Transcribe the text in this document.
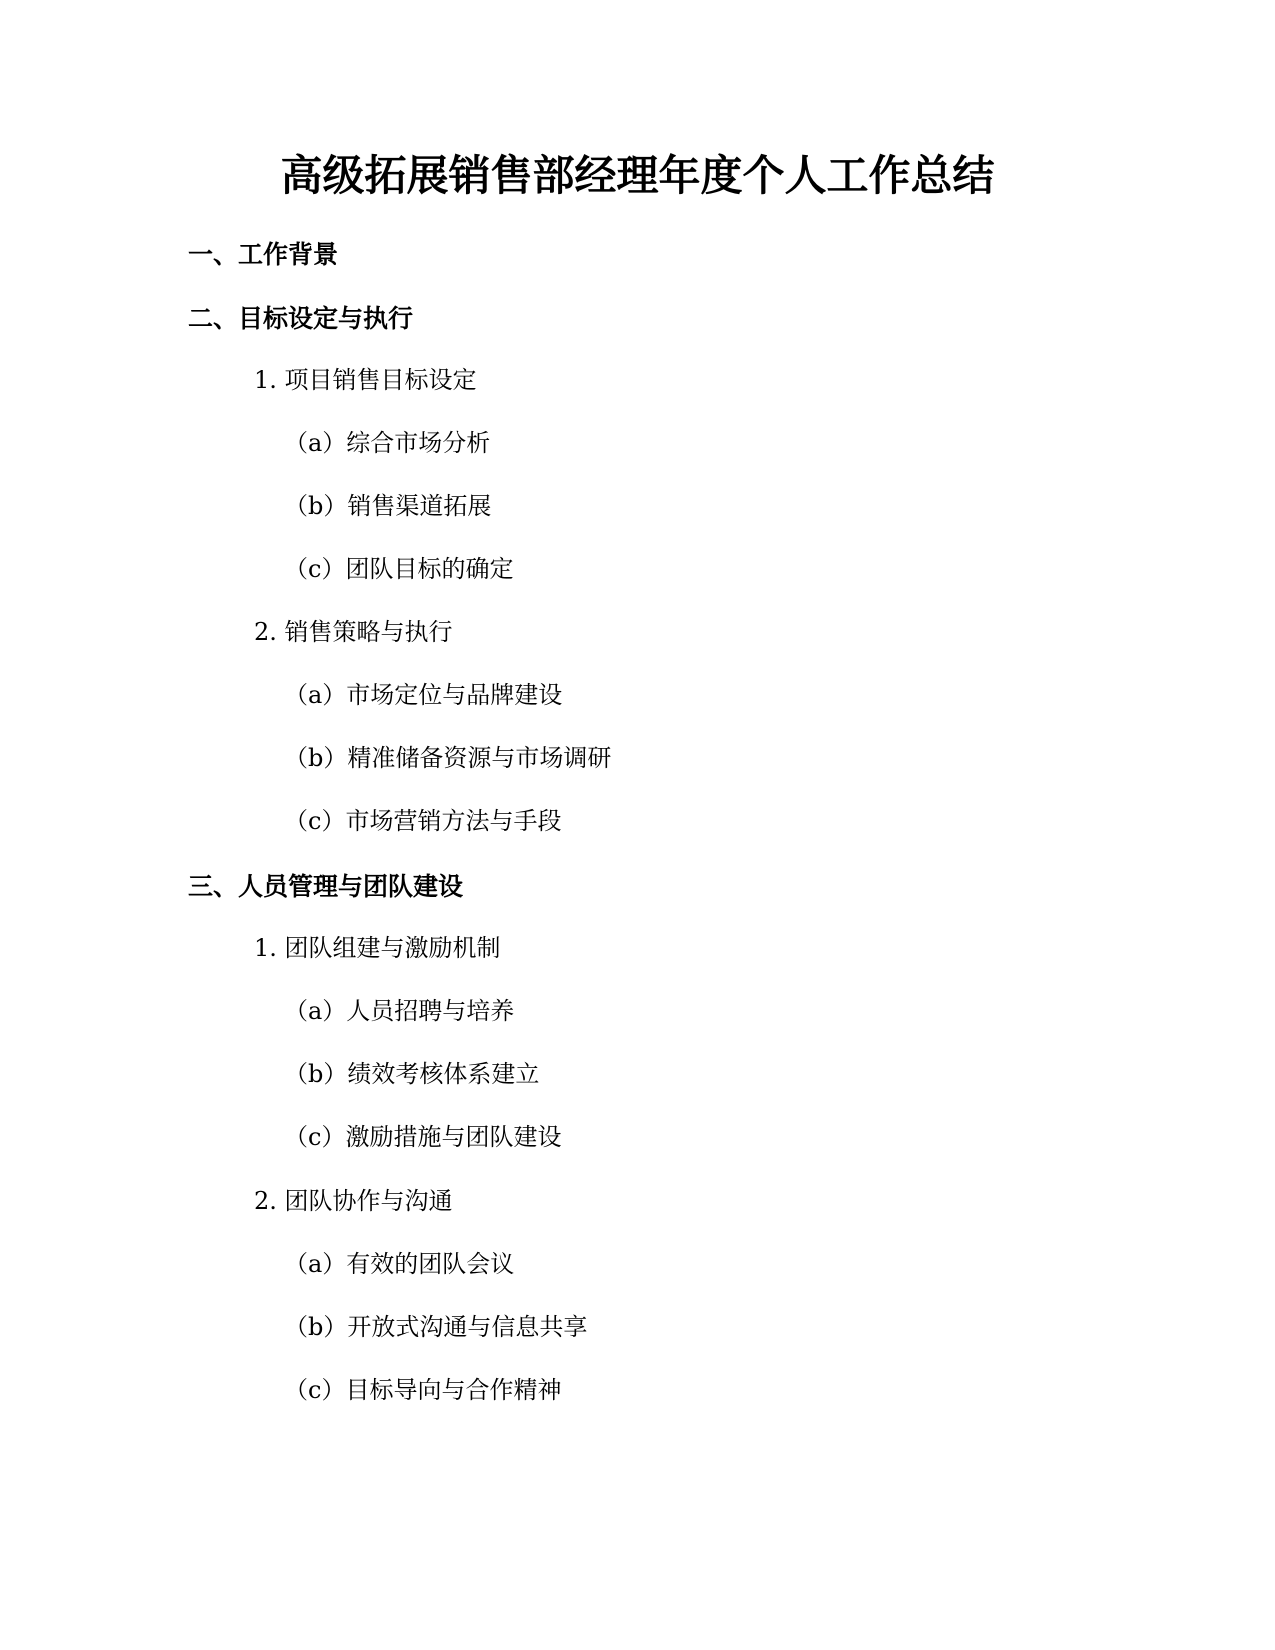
高级拓展销售部经理年度个人工作总结
一、工作背景
二、目标设定与执行
1. 项目销售目标设定
（a）综合市场分析
（b）销售渠道拓展
（c）团队目标的确定
2. 销售策略与执行
（a）市场定位与品牌建设
（b）精准储备资源与市场调研
（c）市场营销方法与手段
三、人员管理与团队建设
1. 团队组建与激励机制
（a）人员招聘与培养
（b）绩效考核体系建立
（c）激励措施与团队建设
2. 团队协作与沟通
（a）有效的团队会议
（b）开放式沟通与信息共享
（c）目标导向与合作精神
